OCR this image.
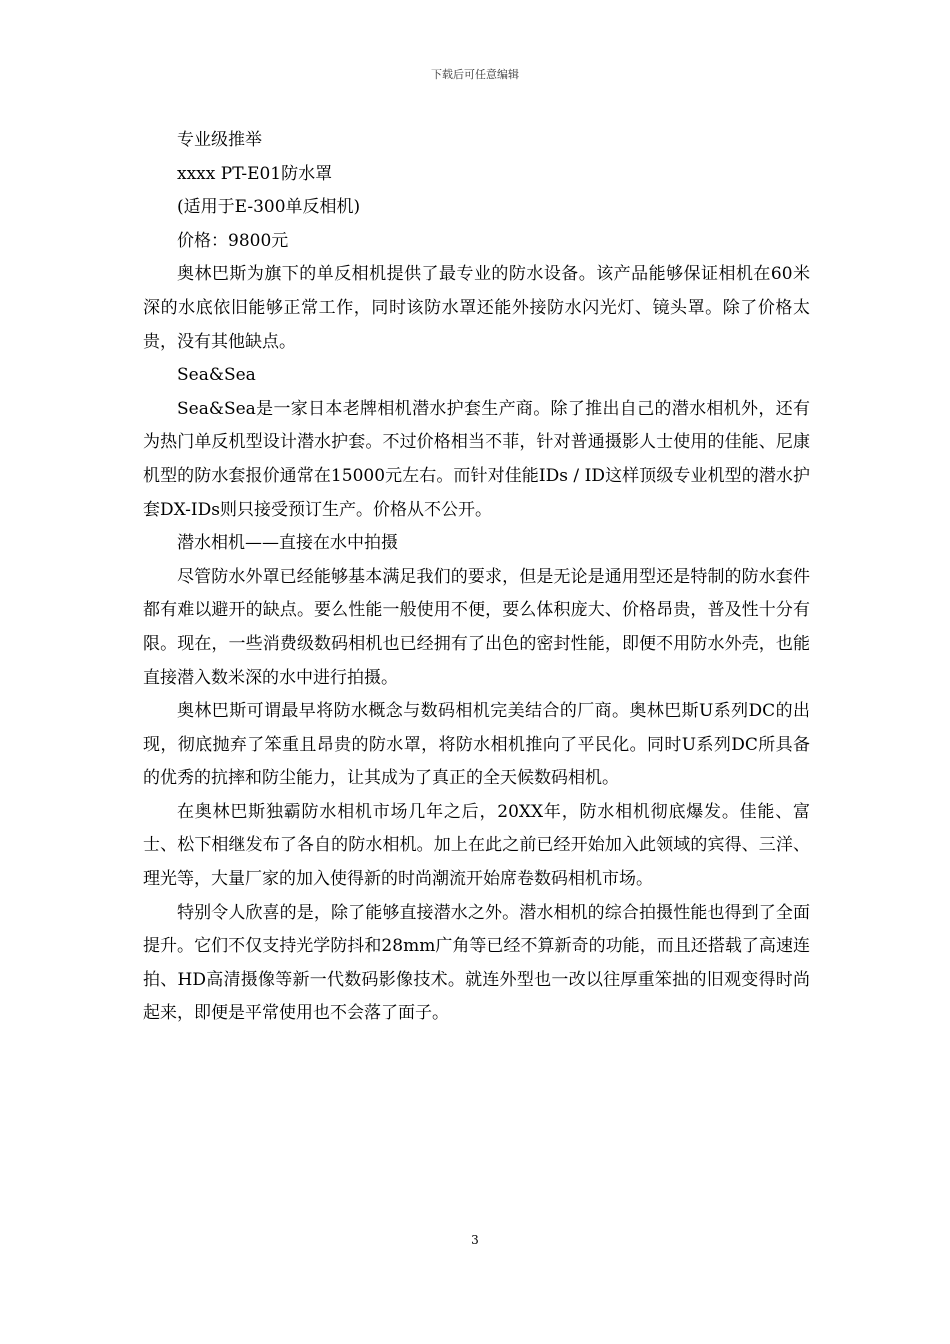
下载后可任意编辑

专业级推举

xxxx PT-E01防水罩

(适用于E-300单反相机)

价格：9800元

奥林巴斯为旗下的单反相机提供了最专业的防水设备。该产品能够保证相机在60米深的水底依旧能够正常工作，同时该防水罩还能外接防水闪光灯、镜头罩。除了价格太贵，没有其他缺点。

Sea&Sea

Sea&Sea是一家日本老牌相机潜水护套生产商。除了推出自己的潜水相机外，还有为热门单反机型设计潜水护套。不过价格相当不菲，针对普通摄影人士使用的佳能、尼康机型的防水套报价通常在15000元左右。而针对佳能IDs / ID这样顶级专业机型的潜水护套DX-IDs则只接受预订生产。价格从不公开。

潜水相机——直接在水中拍摄

尽管防水外罩已经能够基本满足我们的要求，但是无论是通用型还是特制的防水套件都有难以避开的缺点。要么性能一般使用不便，要么体积庞大、价格昂贵，普及性十分有限。现在，一些消费级数码相机也已经拥有了出色的密封性能，即便不用防水外壳，也能直接潜入数米深的水中进行拍摄。

奥林巴斯可谓最早将防水概念与数码相机完美结合的厂商。奥林巴斯U系列DC的出现，彻底抛弃了笨重且昂贵的防水罩，将防水相机推向了平民化。同时U系列DC所具备的优秀的抗摔和防尘能力，让其成为了真正的全天候数码相机。

在奥林巴斯独霸防水相机市场几年之后，20XX年，防水相机彻底爆发。佳能、富士、松下相继发布了各自的防水相机。加上在此之前已经开始加入此领域的宾得、三洋、理光等，大量厂家的加入使得新的时尚潮流开始席卷数码相机市场。

特别令人欣喜的是，除了能够直接潜水之外。潜水相机的综合拍摄性能也得到了全面提升。它们不仅支持光学防抖和28mm广角等已经不算新奇的功能，而且还搭载了高速连拍、HD高清摄像等新一代数码影像技术。就连外型也一改以往厚重笨拙的旧观变得时尚起来，即便是平常使用也不会落了面子。

3
